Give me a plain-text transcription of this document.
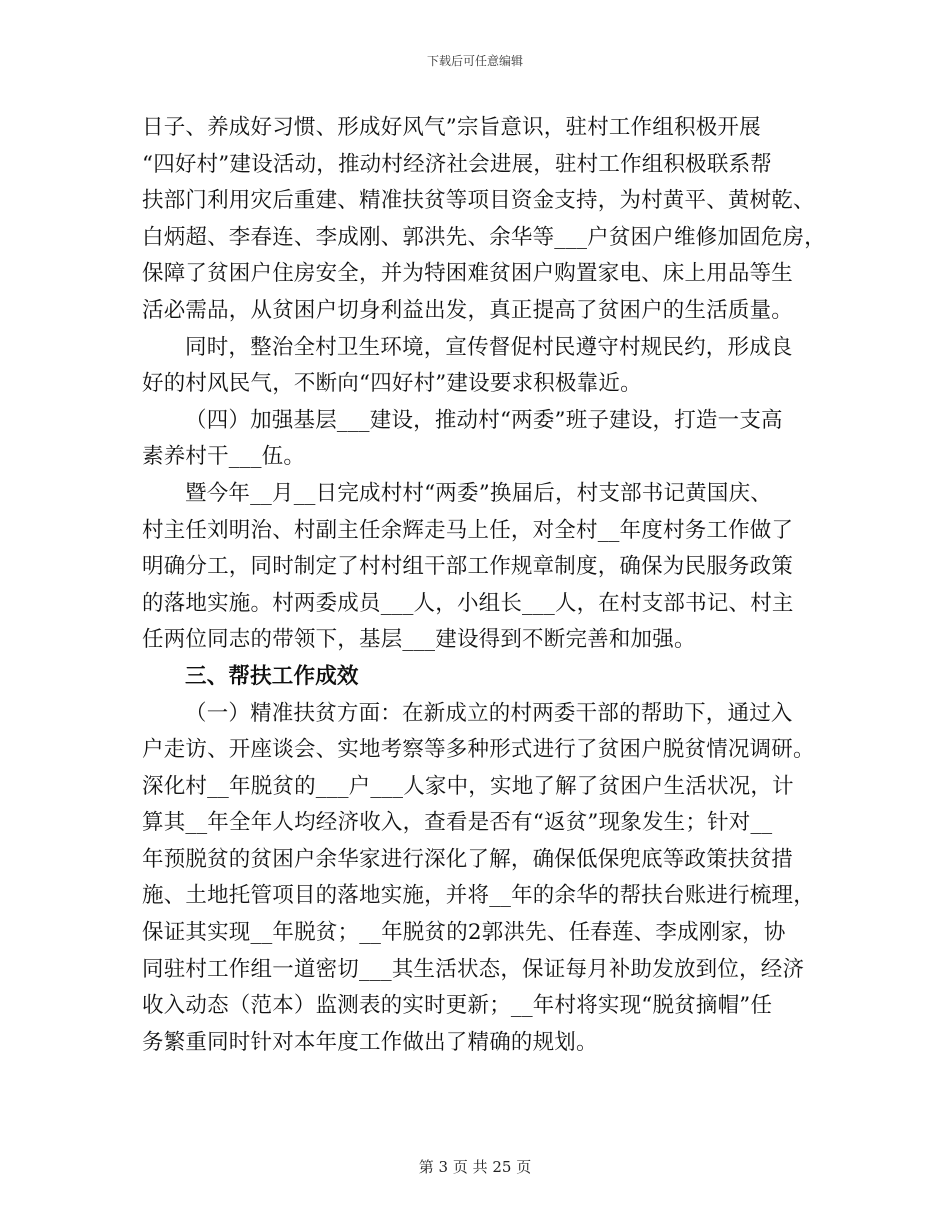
下载后可任意编辑
日子、养成好习惯、形成好风气”宗旨意识，驻村工作组积极开展
“四好村”建设活动，推动村经济社会进展，驻村工作组积极联系帮
扶部门利用灾后重建、精准扶贫等项目资金支持，为村黄平、黄树乾、
白炳超、李春连、李成刚、郭洪先、余华等___户贫困户维修加固危房，
保障了贫困户住房安全，并为特困难贫困户购置家电、床上用品等生
活必需品，从贫困户切身利益出发，真正提高了贫困户的生活质量。
同时，整治全村卫生环境，宣传督促村民遵守村规民约，形成良
好的村风民气，不断向“四好村”建设要求积极靠近。
（四）加强基层___建设，推动村“两委”班子建设，打造一支高
素养村干___伍。
暨今年__月__日完成村村“两委”换届后，村支部书记黄国庆、
村主任刘明治、村副主任余辉走马上任，对全村__年度村务工作做了
明确分工，同时制定了村村组干部工作规章制度，确保为民服务政策
的落地实施。村两委成员___人，小组长___人，在村支部书记、村主
任两位同志的带领下，基层___建设得到不断完善和加强。
三、帮扶工作成效
（一）精准扶贫方面：在新成立的村两委干部的帮助下，通过入
户走访、开座谈会、实地考察等多种形式进行了贫困户脱贫情况调研。
深化村__年脱贫的___户___人家中，实地了解了贫困户生活状况，计
算其__年全年人均经济收入，查看是否有“返贫”现象发生；针对__
年预脱贫的贫困户余华家进行深化了解，确保低保兜底等政策扶贫措
施、土地托管项目的落地实施，并将__年的余华的帮扶台账进行梳理，
保证其实现__年脱贫；__年脱贫的2郭洪先、任春莲、李成刚家，协
同驻村工作组一道密切___其生活状态，保证每月补助发放到位，经济
收入动态（范本）监测表的实时更新；__年村将实现“脱贫摘帽”任
务繁重同时针对本年度工作做出了精确的规划。
第 3 页 共 25 页
